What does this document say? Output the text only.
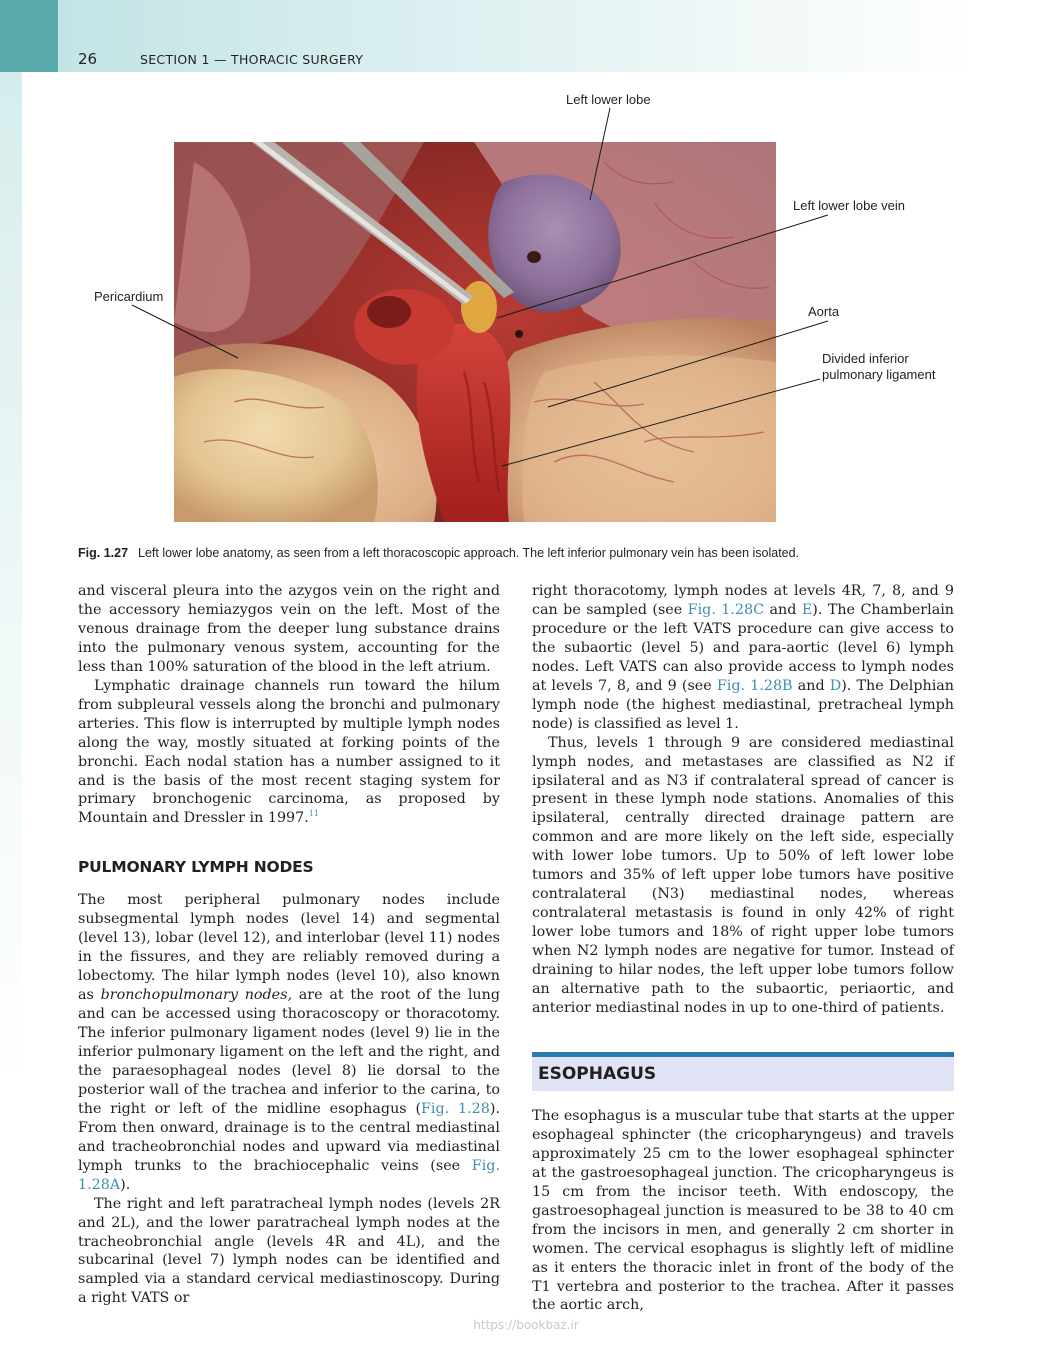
26	SECTION 1 — THORACIC SURGERY
Left lower lobe
Left lower lobe vein
Pericardium
Aorta
Divided inferior
pulmonary ligament
Fig. 1.27 Left lower lobe anatomy, as seen from a left thoracoscopic approach. The left inferior pulmonary vein has been isolated.

and visceral pleura into the azygos vein on the right and the accessory hemiazygos vein on the left. Most of the venous drainage from the deeper lung substance drains into the pulmonary venous system, accounting for the less than 100% saturation of the blood in the left atrium.

Lymphatic drainage channels run toward the hilum from subpleural vessels along the bronchi and pulmonary arteries. This flow is interrupted by multiple lymph nodes along the way, mostly situated at forking points of the bronchi. Each nodal station has a number assigned to it and is the basis of the most recent staging system for primary bronchogenic carcinoma, as proposed by Mountain and Dressler in 1997.11

PULMONARY LYMPH NODES

The most peripheral pulmonary nodes include subsegmental lymph nodes (level 14) and segmental (level 13), lobar (level 12), and interlobar (level 11) nodes in the fissures, and they are reliably removed during a lobectomy. The hilar lymph nodes (level 10), also known as bronchopulmonary nodes, are at the root of the lung and can be accessed using thoracoscopy or thoracotomy. The inferior pulmonary ligament nodes (level 9) lie in the inferior pulmonary ligament on the left and the right, and the paraesophageal nodes (level 8) lie dorsal to the posterior wall of the trachea and inferior to the carina, to the right or left of the midline esophagus (Fig. 1.28). From then onward, drainage is to the central mediastinal and tracheobronchial nodes and upward via mediastinal lymph trunks to the brachiocephalic veins (see Fig. 1.28A).

The right and left paratracheal lymph nodes (levels 2R and 2L), and the lower paratracheal lymph nodes at the tracheobronchial angle (levels 4R and 4L), and the subcarinal (level 7) lymph nodes can be identified and sampled via a standard cervical mediastinoscopy. During a right VATS or

right thoracotomy, lymph nodes at levels 4R, 7, 8, and 9 can be sampled (see Fig. 1.28C and E). The Chamberlain procedure or the left VATS procedure can give access to the subaortic (level 5) and para-aortic (level 6) lymph nodes. Left VATS can also provide access to lymph nodes at levels 7, 8, and 9 (see Fig. 1.28B and D). The Delphian lymph node (the highest mediastinal, pretracheal lymph node) is classified as level 1.

Thus, levels 1 through 9 are considered mediastinal lymph nodes, and metastases are classified as N2 if ipsilateral and as N3 if contralateral spread of cancer is present in these lymph node stations. Anomalies of this ipsilateral, centrally directed drainage pattern are common and are more likely on the left side, especially with lower lobe tumors. Up to 50% of left lower lobe tumors and 35% of left upper lobe tumors have positive contralateral (N3) mediastinal nodes, whereas contralateral metastasis is found in only 42% of right lower lobe tumors and 18% of right upper lobe tumors when N2 lymph nodes are negative for tumor. Instead of draining to hilar nodes, the left upper lobe tumors follow an alternative path to the subaortic, periaortic, and anterior mediastinal nodes in up to one-third of patients.

ESOPHAGUS

The esophagus is a muscular tube that starts at the upper esophageal sphincter (the cricopharyngeus) and travels approximately 25 cm to the lower esophageal sphincter at the gastroesophageal junction. The cricopharyngeus is 15 cm from the incisor teeth. With endoscopy, the gastroesophageal junction is measured to be 38 to 40 cm from the incisors in men, and generally 2 cm shorter in women. The cervical esophagus is slightly left of midline as it enters the thoracic inlet in front of the body of the T1 vertebra and posterior to the trachea. After it passes the aortic arch,

https://bookbaz.ir
